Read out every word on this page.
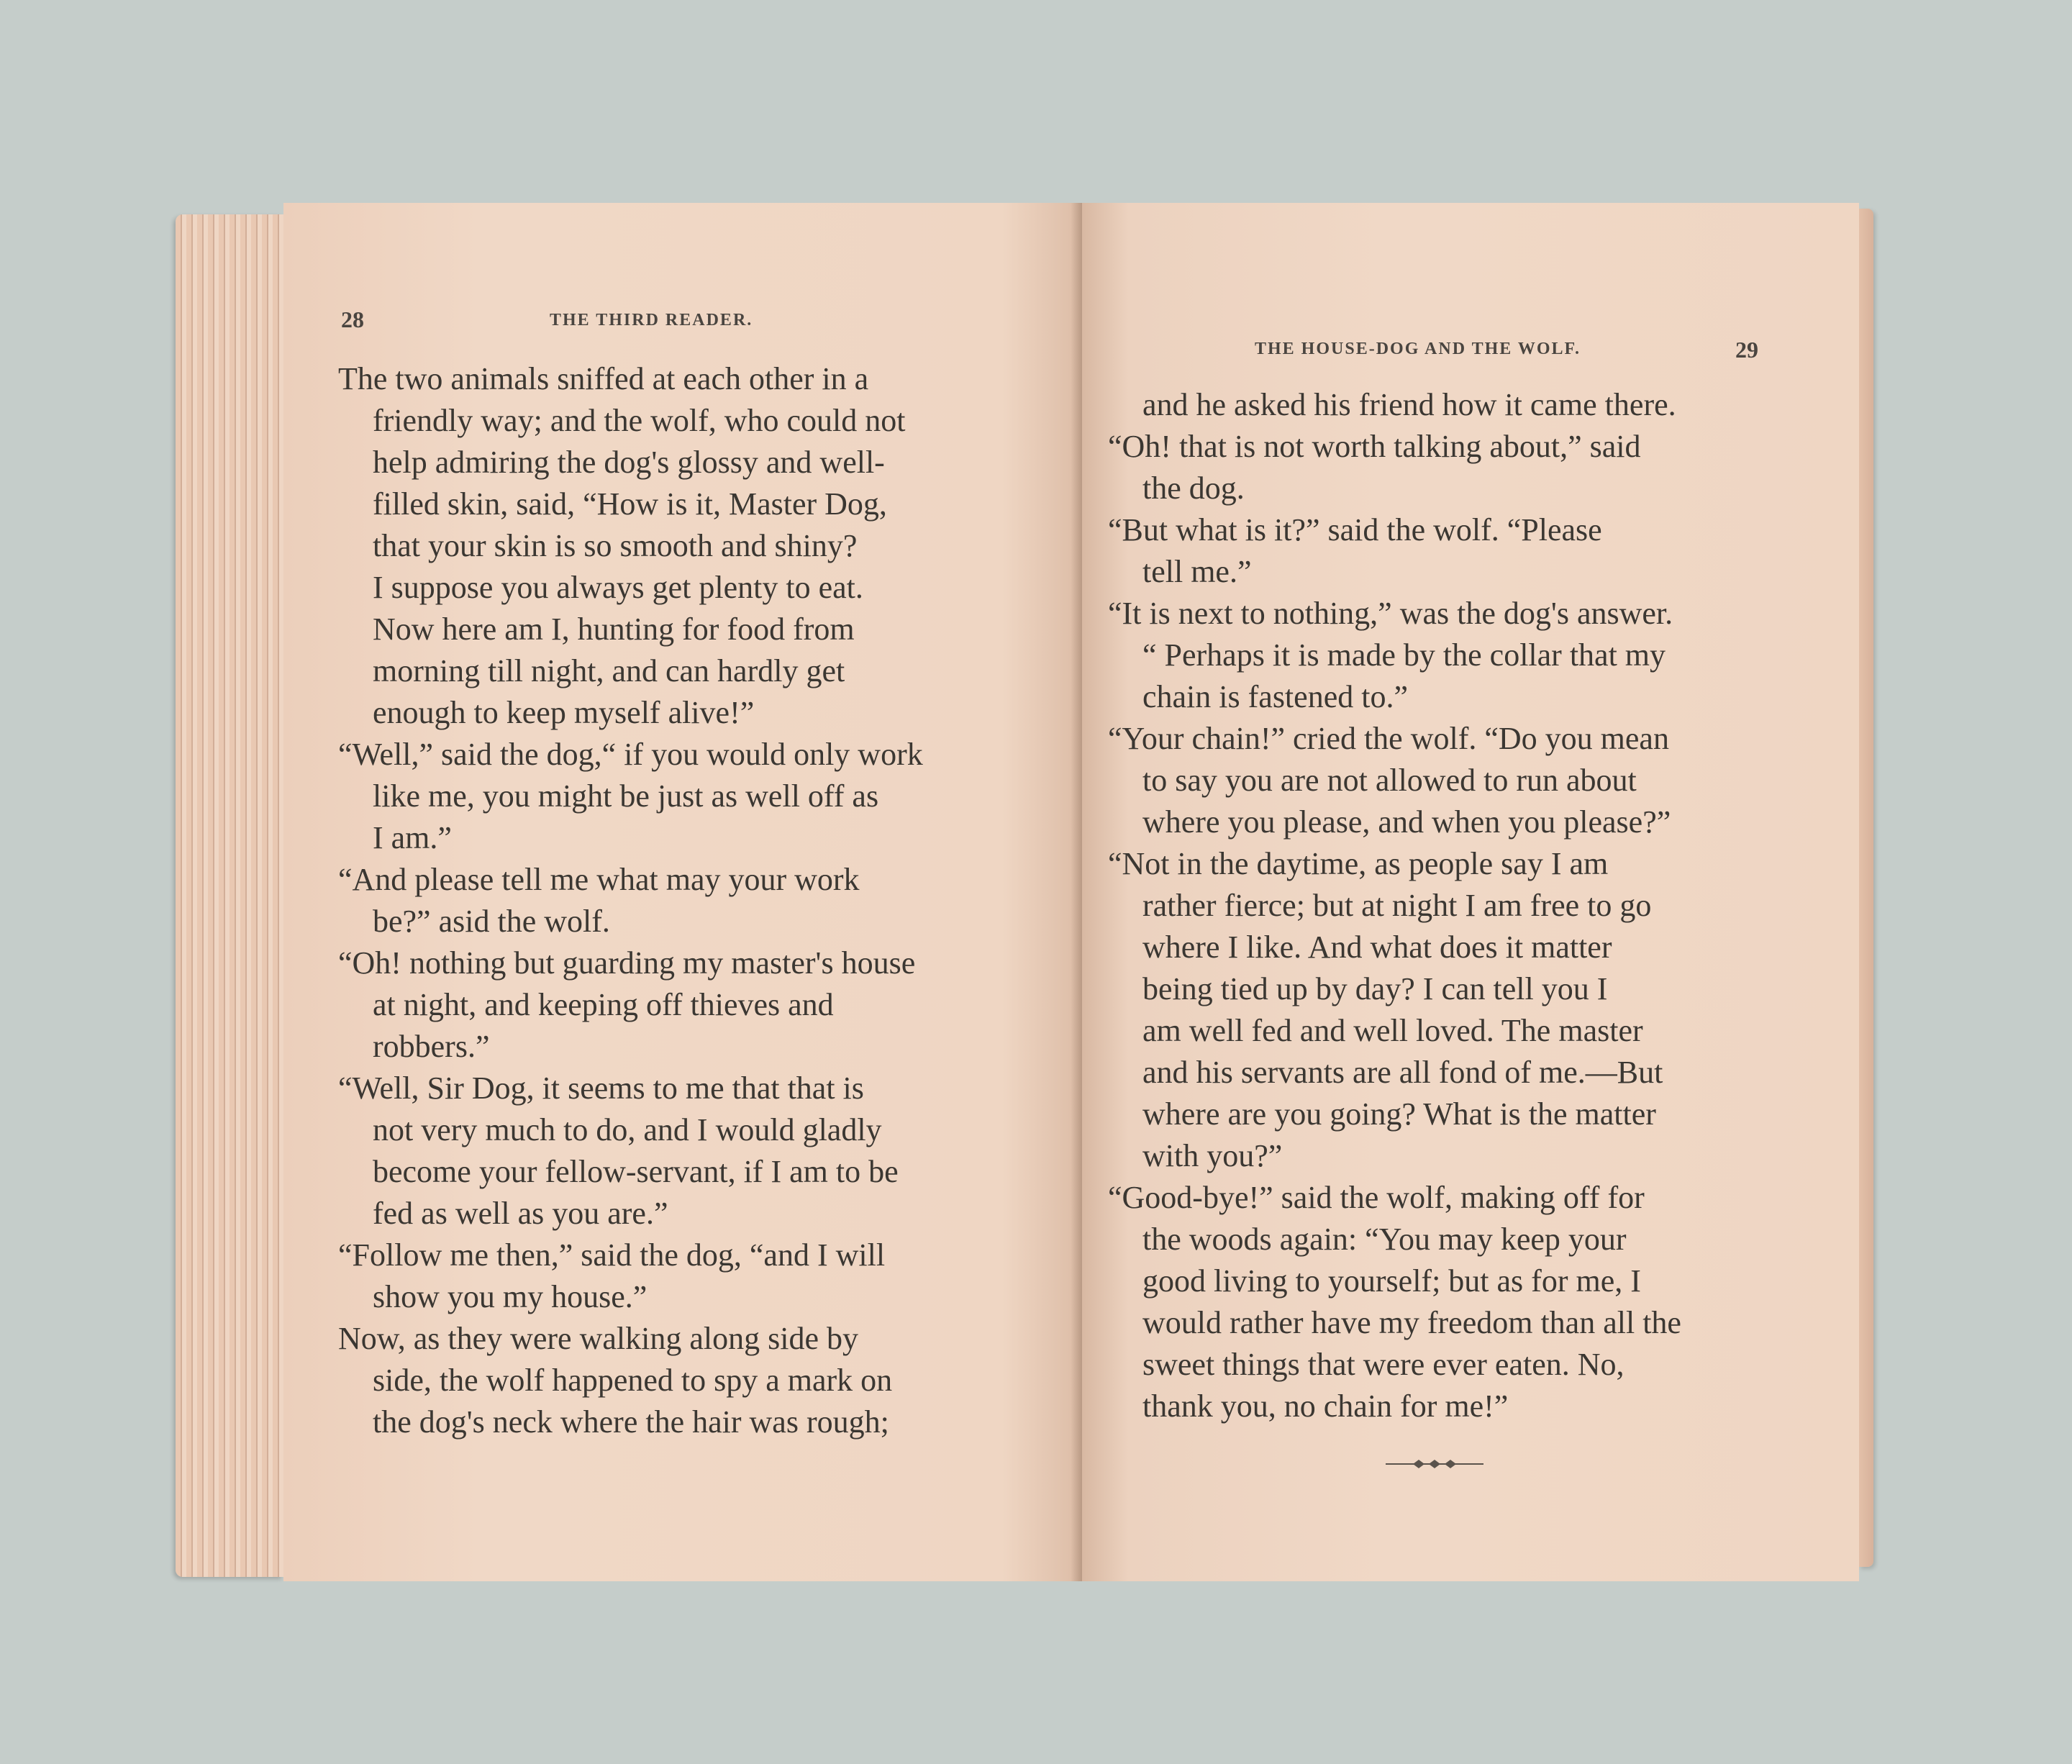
28	THE THIRD READER.

The two animals sniffed at each other in a
friendly way; and the wolf, who could not
help admiring the dog's glossy and well-
filled skin, said, “How is it, Master Dog,
that your skin is so smooth and shiny?
I suppose you always get plenty to eat.
Now here am I, hunting for food from
morning till night, and can hardly get
enough to keep myself alive!”
“Well,” said the dog,“ if you would only work
like me, you might be just as well off as
I am.”
“And please tell me what may your work
be?” asid the wolf.
“Oh! nothing but guarding my master's house
at night, and keeping off thieves and
robbers.”
“Well, Sir Dog, it seems to me that that is
not very much to do, and I would gladly
become your fellow-servant, if I am to be
fed as well as you are.”
“Follow me then,” said the dog, “and I will
show you my house.”
Now, as they were walking along side by
side, the wolf happened to spy a mark on
the dog's neck where the hair was rough;

THE HOUSE-DOG AND THE WOLF.	29

and he asked his friend how it came there.
“Oh! that is not worth talking about,” said
the dog.
“But what is it?” said the wolf. “Please
tell me.”
“It is next to nothing,” was the dog's answer.
“ Perhaps it is made by the collar that my
chain is fastened to.”
“Your chain!” cried the wolf. “Do you mean
to say you are not allowed to run about
where you please, and when you please?”
“Not in the daytime, as people say I am
rather fierce; but at night I am free to go
where I like. And what does it matter
being tied up by day? I can tell you I
am well fed and well loved. The master
and his servants are all fond of me.—But
where are you going? What is the matter
with you?”
“Good-bye!” said the wolf, making off for
the woods again: “You may keep your
good living to yourself; but as for me, I
would rather have my freedom than all the
sweet things that were ever eaten. No,
thank you, no chain for me!”
